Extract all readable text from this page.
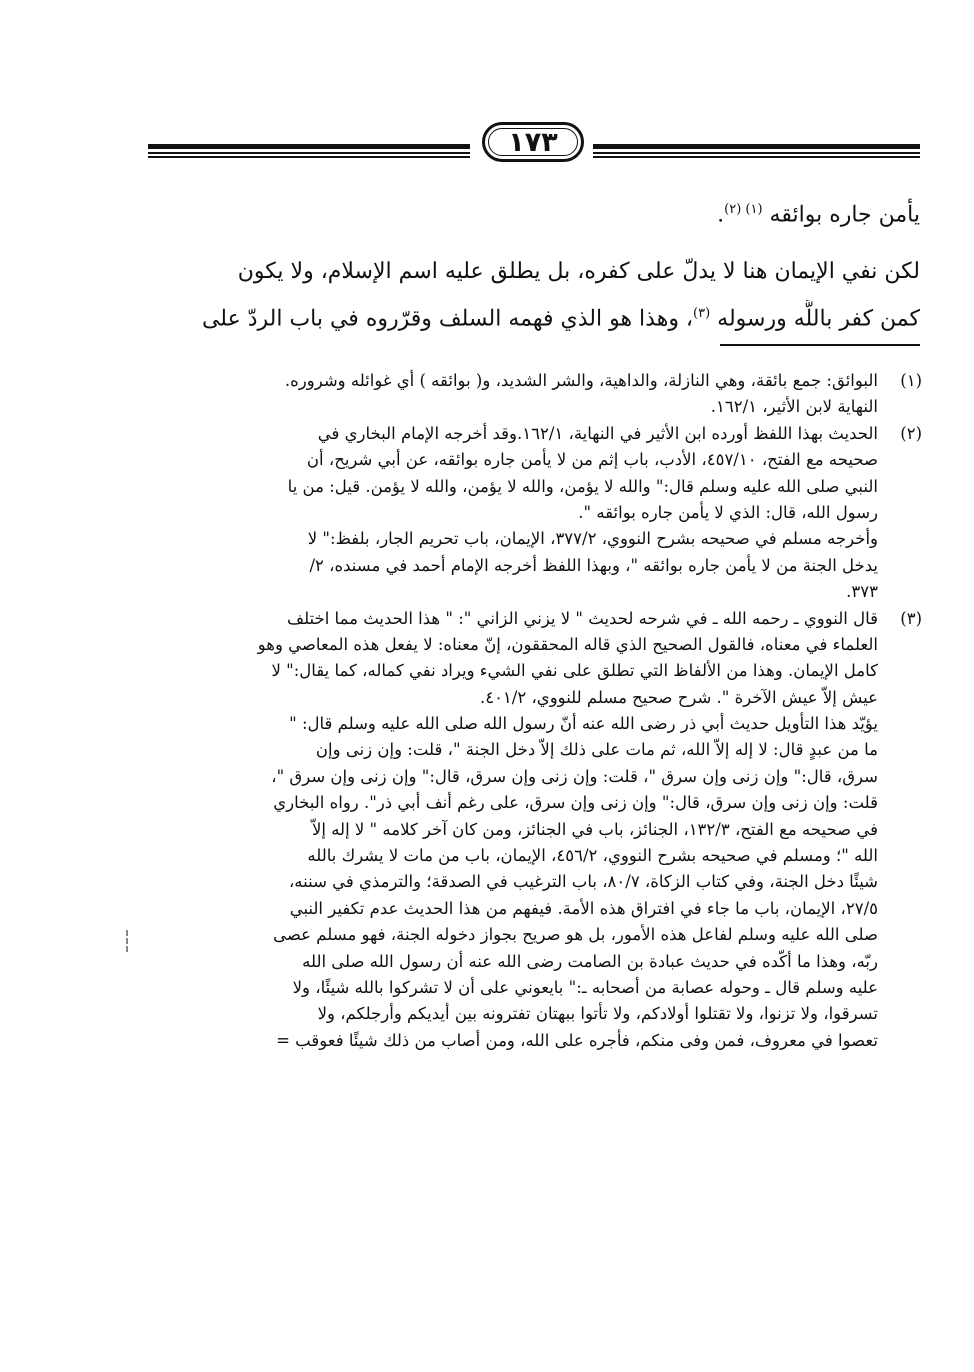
١٧٣
يأمن جاره بوائقه $^{(١) (٢)}$.
لكن نفي الإيمان هنا لا يدلّ على كفره، بل يطلق عليه اسم الإسلام، ولا يكون
كمن كفر باللَّه ورسوله $^{(٣)}$، وهذا هو الذي فهمه السلف وقرّروه في باب الردّ على
(١)البوائق: جمع بائقة، وهي النازلة، والداهية، والشر الشديد، و( بوائقه ) أي غوائله وشروره.
النهاية لابن الأثير، ١٦٢/١.
(٢)الحديث بهذا اللفظ أورده ابن الأثير في النهاية، ١٦٢/١.وقد أخرجه الإمام البخاري في
صحيحه مع الفتح، ٤٥٧/١٠، الأدب، باب إثم من لا يأمن جاره بوائقه، عن أبي شريح، أن
النبي صلى الله عليه وسلم قال:" والله لا يؤمن، والله لا يؤمن، والله لا يؤمن. قيل: من يا
رسول الله، قال: الذي لا يأمن جاره بوائقه ".
وأخرجه مسلم في صحيحه بشرح النووي، ٣٧٧/٢، الإيمان، باب تحريم الجار، بلفظ:" لا
يدخل الجنة من لا يأمن جاره بوائقه "، وبهذا اللفظ أخرجه الإمام أحمد في مسنده، ٢/
٣٧٣.
(٣)قال النووي ـ رحمه الله ـ في شرحه لحديث " لا يزني الزاني ": " هذا الحديث مما اختلف
العلماء في معناه، فالقول الصحيح الذي قاله المحققون، إنّ معناه: لا يفعل هذه المعاصي وهو
كامل الإيمان. وهذا من الألفاظ التي تطلق على نفي الشيء ويراد نفي كماله، كما يقال:" لا
عيش إلاّ عيش الآخرة ". شرح صحيح مسلم للنووي، ٤٠١/٢.
يؤيّد هذا التأويل حديث أبي ذر رضى الله عنه أنّ رسول الله صلى الله عليه وسلم قال: "
ما من عبدٍ قال: لا إله إلاّ الله، ثم مات على ذلك إلاّ دخل الجنة "، قلت: وإن زنى وإن
سرق، قال:" وإن زنى وإن سرق "، قلت: وإن زنى وإن سرق، قال:" وإن زنى وإن سرق "،
قلت: وإن زنى وإن سرق، قال:" وإن زنى وإن سرق، على رغم أنف أبي ذر". رواه البخاري
في صحيحه مع الفتح، ١٣٢/٣، الجنائز، باب في الجنائز، ومن كان آخر كلامه " لا إله إلاّ
الله "؛ ومسلم في صحيحه بشرح النووي، ٤٥٦/٢، الإيمان، باب من مات لا يشرك بالله
شيئًا دخل الجنة، وفي كتاب الزكاة، ٨٠/٧، باب الترغيب في الصدقة؛ والترمذي في سننه،
٢٧/٥، الإيمان، باب ما جاء في افتراق هذه الأمة. فيفهم من هذا الحديث عدم تكفير النبي
صلى الله عليه وسلم لفاعل هذه الأمور، بل هو صريح بجواز دخوله الجنة، فهو مسلم عصى
ربّه، وهذا ما أكّده في حديث عبادة بن الصامت رضى الله عنه أن رسول الله صلى الله
عليه وسلم قال ـ وحوله عصابة من أصحابه ـ:" بايعوني على أن لا تشركوا بالله شيئًا، ولا
تسرقوا، ولا تزنوا، ولا تقتلوا أولادكم، ولا تأتوا ببهتان تفترونه بين أيديكم وأرجلكم، ولا
تعصوا في معروف، فمن وفى منكم، فأجره على الله، ومن أصاب من ذلك شيئًا فعوقب =
